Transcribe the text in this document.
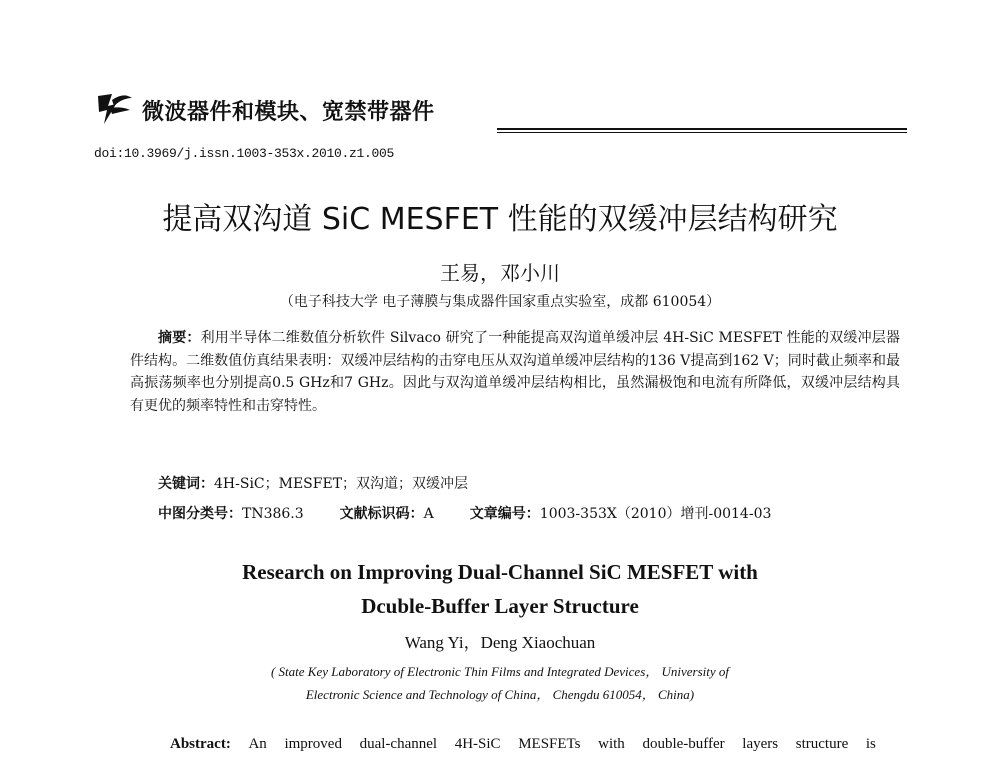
微波器件和模块、宽禁带器件
doi:10.3969/j.issn.1003-353x.2010.z1.005
提高双沟道 SiC MESFET 性能的双缓冲层结构研究
王易，邓小川
（电子科技大学 电子薄膜与集成器件国家重点实验室，成都 610054）
摘要：利用半导体二维数值分析软件 Silvaco 研究了一种能提高双沟道单缓冲层 4H-SiC MESFET 性能的双缓冲层器件结构。二维数值仿真结果表明：双缓冲层结构的击穿电压从双沟道单缓冲层结构的136 V提高到162 V；同时截止频率和最高振荡频率也分别提高0.5 GHz和7 GHz。因此与双沟道单缓冲层结构相比，虽然漏极饱和电流有所降低，双缓冲层结构具有更优的频率特性和击穿特性。
关键词：4H-SiC；MESFET；双沟道；双缓冲层
中图分类号：TN386.3	文献标识码：A	文章编号：1003-353X（2010）增刊-0014-03
Research on Improving Dual-Channel SiC MESFET with
Dcuble-Buffer Layer Structure
Wang Yi，Deng Xiaochuan
( State Key Laboratory of Electronic Thin Films and Integrated Devices， University of
Electronic Science and Technology of China， Chengdu 610054， China)
Abstract: An improved dual-channel 4H-SiC MESFETs with double-buffer layers structure is
